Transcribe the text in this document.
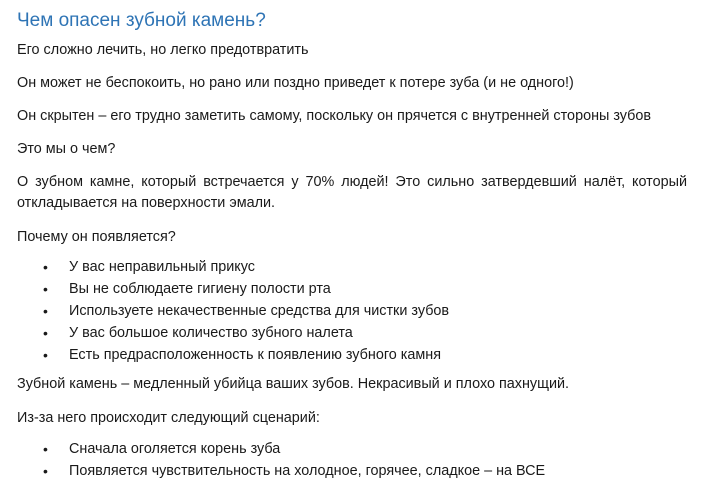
Чем опасен зубной камень?

Его сложно лечить, но легко предотвратить

Он может не беспокоить, но рано или поздно приведет к потере зуба (и не одного!)

Он скрытен – его трудно заметить самому, поскольку он прячется с внутренней стороны зубов

Это мы о чем?

О зубном камне, который встречается у 70% людей! Это сильно затвердевший налёт, который откладывается на поверхности эмали.

Почему он появляется?

• У вас неправильный прикус
• Вы не соблюдаете гигиену полости рта
• Используете некачественные средства для чистки зубов
• У вас большое количество зубного налета
• Есть предрасположенность к появлению зубного камня

Зубной камень – медленный убийца ваших зубов. Некрасивый и плохо пахнущий.

Из-за него происходит следующий сценарий:

• Сначала оголяется корень зуба
• Появляется чувствительность на холодное, горячее, сладкое – на ВСЕ
